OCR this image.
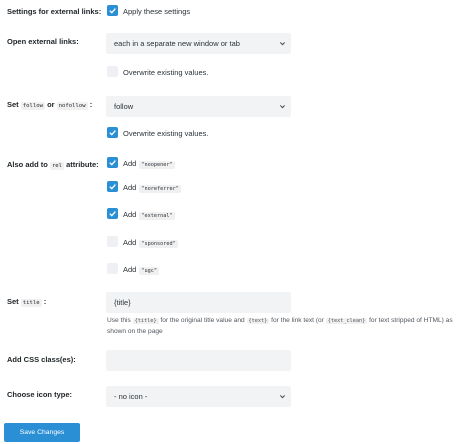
Settings for external links:	Apply these settings
Open external links:	each in a separate new window or tab
Overwrite existing values.
Set follow or nofollow :	follow
Overwrite existing values.
Also add to rel attribute:	Add "noopener"
Add "noreferrer"
Add "external"
Add "sponsored"
Add "ugc"
Set title :	{title}
Use this {title} for the original title value and {text} for the link text (or {text_clean} for text stripped of HTML) as shown on the page
Add CSS class(es):
Choose icon type:	- no icon -
Save Changes
